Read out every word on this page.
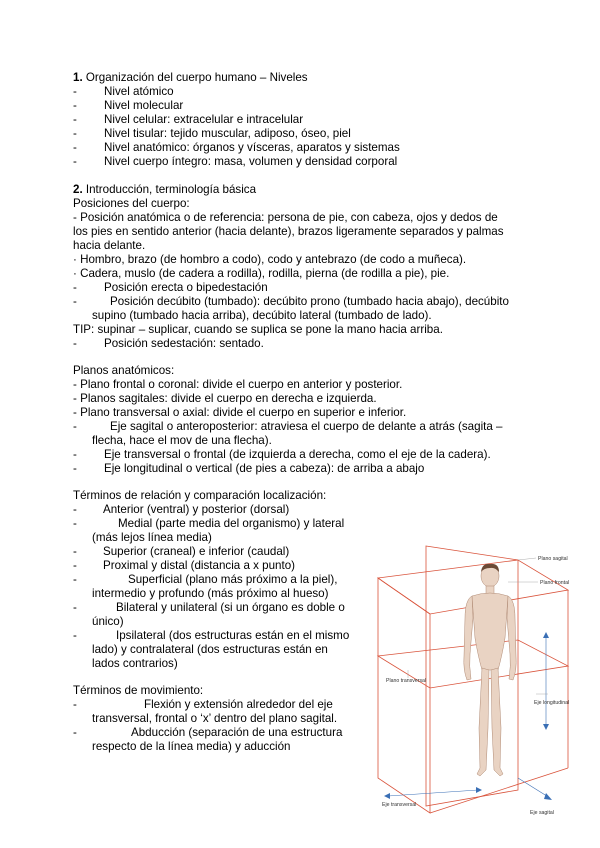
1. Organización del cuerpo humano – Niveles
- Nivel atómico
- Nivel molecular
- Nivel celular: extracelular e intracelular
- Nivel tisular: tejido muscular, adiposo, óseo, piel
- Nivel anatómico: órganos y vísceras, aparatos y sistemas
- Nivel cuerpo íntegro: masa, volumen y densidad corporal
2. Introducción, terminología básica
Posiciones del cuerpo:
- Posición anatómica o de referencia: persona de pie, con cabeza, ojos y dedos de
los pies en sentido anterior (hacia delante), brazos ligeramente separados y palmas
hacia delante.
· Hombro, brazo (de hombro a codo), codo y antebrazo (de codo a muñeca).
· Cadera, muslo (de cadera a rodilla), rodilla, pierna (de rodilla a pie), pie.
- Posición erecta o bipedestación
-	Posición decúbito (tumbado): decúbito prono (tumbado hacia abajo), decúbito
supino (tumbado hacia arriba), decúbito lateral (tumbado de lado).
TIP: supinar – suplicar, cuando se suplica se pone la mano hacia arriba.
- Posición sedestación: sentado.
Planos anatómicos:
- Plano frontal o coronal: divide el cuerpo en anterior y posterior.
- Planos sagitales: divide el cuerpo en derecha e izquierda.
- Plano transversal o axial: divide el cuerpo en superior e inferior.
-	Eje sagital o anteroposterior: atraviesa el cuerpo de delante a atrás (sagita –
flecha, hace el mov de una flecha).
- Eje transversal o frontal (de izquierda a derecha, como el eje de la cadera).
- Eje longitudinal o vertical (de pies a cabeza): de arriba a abajo
Términos de relación y comparación localización:
- Anterior (ventral) y posterior (dorsal)
-	Medial (parte media del organismo) y lateral
(más lejos línea media)
- Superior (craneal) e inferior (caudal)
- Proximal y distal (distancia a x punto)
-	Superficial (plano más próximo a la piel),
intermedio y profundo (más próximo al hueso)
-	Bilateral y unilateral (si un órgano es doble o
único)
-	Ipsilateral (dos estructuras están en el mismo
lado) y contralateral (dos estructuras están en
lados contrarios)
Términos de movimiento:
-	Flexión y extensión alrededor del eje
transversal, frontal o ‘x’ dentro del plano sagital.
-	Abducción (separación de una estructura
respecto de la línea media) y aducción
Plano sagital
Plano frontal
Plano transversal
Eje longitudinal
Eje transversal
Eje sagital
